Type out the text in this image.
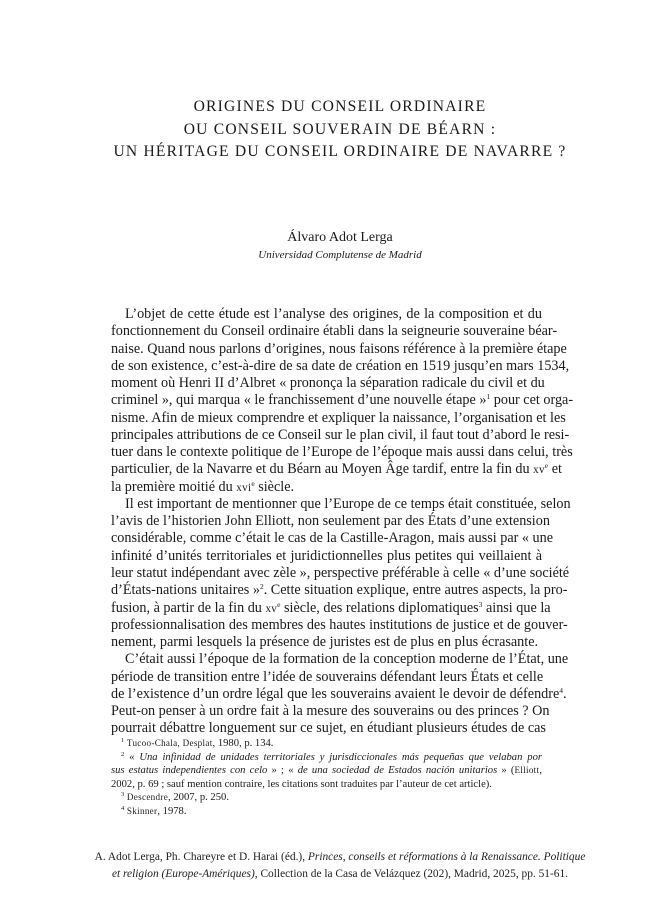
ORIGINES DU CONSEIL ORDINAIRE
OU CONSEIL SOUVERAIN DE BÉARN :
UN HÉRITAGE DU CONSEIL ORDINAIRE DE NAVARRE ?
Álvaro Adot Lerga
Universidad Complutense de Madrid
L’objet de cette étude est l’analyse des origines, de la composition et du
fonctionnement du Conseil ordinaire établi dans la seigneurie souveraine béar-
naise. Quand nous parlons d’origines, nous faisons référence à la première étape
de son existence, c’est-à-dire de sa date de création en 1519 jusqu’en mars 1534,
moment où Henri II d’Albret « prononça la séparation radicale du civil et du
criminel », qui marqua « le franchissement d’une nouvelle étape »$^1$ pour cet orga-
nisme. Afin de mieux comprendre et expliquer la naissance, l’organisation et les
principales attributions de ce Conseil sur le plan civil, il faut tout d’abord le resi-
tuer dans le contexte politique de l’Europe de l’époque mais aussi dans celui, très
particulier, de la Navarre et du Béarn au Moyen Âge tardif, entre la fin du $xv^e$ et
la première moitié du xvi$^e$ siècle.
Il est important de mentionner que l’Europe de ce temps était constituée, selon
l’avis de l’historien John Elliott, non seulement par des États d’une extension
considérable, comme c’était le cas de la Castille-Aragon, mais aussi par « une
infinité d’unités territoriales et juridictionnelles plus petites qui veillaient à
leur statut indépendant avec zèle », perspective préférable à celle « d’une société
d’États-nations unitaires »$^2$. Cette situation explique, entre autres aspects, la pro-
fusion, à partir de la fin du $xv^e$ siècle, des relations diplomatiques$^3$ ainsi que la
professionnalisation des membres des hautes institutions de justice et de gouver-
nement, parmi lesquels la présence de juristes est de plus en plus écrasante.
C’était aussi l’époque de la formation de la conception moderne de l’État, une
période de transition entre l’idée de souverains défendant leurs États et celle
de l’existence d’un ordre légal que les souverains avaient le devoir de défendre$^4$.
Peut-on penser à un ordre fait à la mesure des souverains ou des princes ? On
pourrait débattre longuement sur ce sujet, en étudiant plusieurs études de cas
$^1$ Tucoo-Chala, Desplat, 1980, p. 134.
$^2$ « Una infinidad de unidades territoriales y jurisdiccionales más pequeñas que velaban por
sus estatus independientes con celo » ; « de una sociedad de Estados nación unitarios » (Elliott,
2002, p. 69 ; sauf mention contraire, les citations sont traduites par l’auteur de cet article).
$^3$ Descendre, 2007, p. 250.
$^4$ Skinner, 1978.
A. Adot Lerga, Ph. Chareyre et D. Harai (éd.), Princes, conseils et réformations à la Renaissance. Politique
et religion (Europe-Amériques), Collection de la Casa de Velázquez (202), Madrid, 2025, pp. 51-61.
